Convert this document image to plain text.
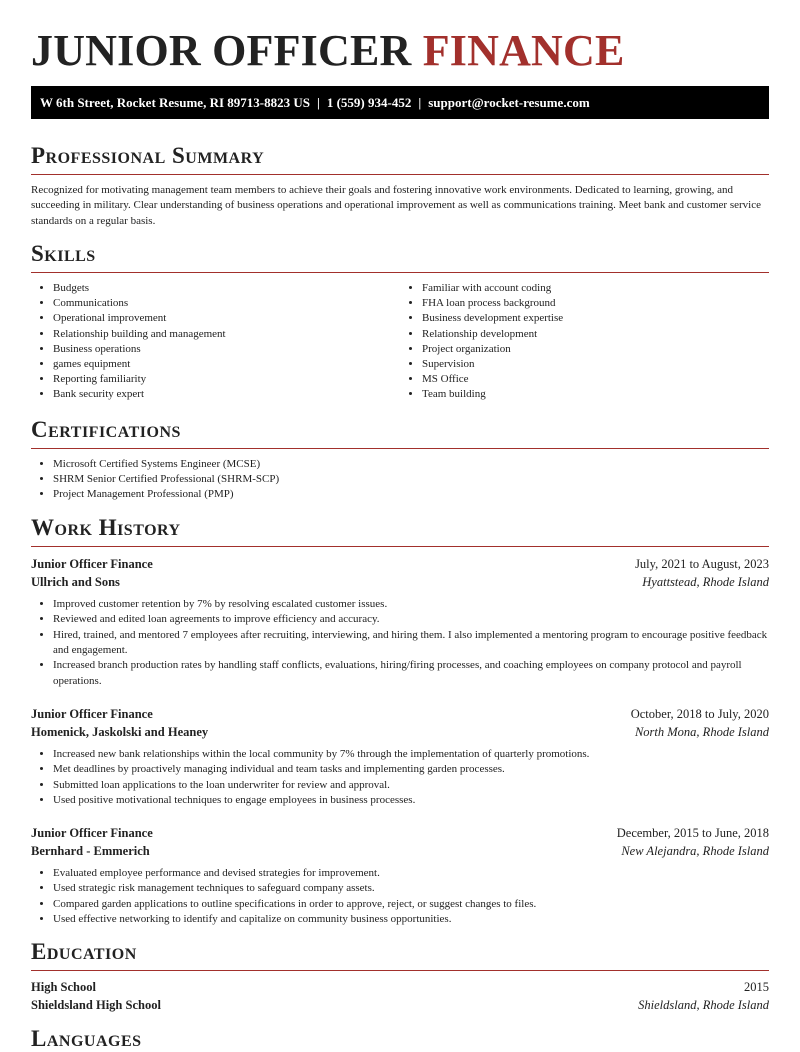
JUNIOR OFFICER FINANCE
W 6th Street, Rocket Resume, RI 89713-8823 US | 1 (559) 934-452 | support@rocket-resume.com
Professional Summary

Recognized for motivating management team members to achieve their goals and fostering innovative work environments. Dedicated to learning, growing, and succeeding in military. Clear understanding of business operations and operational improvement as well as communications training. Meet bank and customer service standards on a regular basis.

Skills
• Budgets
• Communications
• Operational improvement
• Relationship building and management
• Business operations
• games equipment
• Reporting familiarity
• Bank security expert
• Familiar with account coding
• FHA loan process background
• Business development expertise
• Relationship development
• Project organization
• Supervision
• MS Office
• Team building
Certifications
• Microsoft Certified Systems Engineer (MCSE)
• SHRM Senior Certified Professional (SHRM-SCP)
• Project Management Professional (PMP)
Work History
Junior Officer Finance	July, 2021 to August, 2023
Ullrich and Sons	Hyattstead, Rhode Island
• Improved customer retention by 7% by resolving escalated customer issues.
• Reviewed and edited loan agreements to improve efficiency and accuracy.
• Hired, trained, and mentored 7 employees after recruiting, interviewing, and hiring them. I also implemented a mentoring program to encourage positive feedback and engagement.
• Increased branch production rates by handling staff conflicts, evaluations, hiring/firing processes, and coaching employees on company protocol and payroll operations.
Junior Officer Finance	October, 2018 to July, 2020
Homenick, Jaskolski and Heaney	North Mona, Rhode Island
• Increased new bank relationships within the local community by 7% through the implementation of quarterly promotions.
• Met deadlines by proactively managing individual and team tasks and implementing garden processes.
• Submitted loan applications to the loan underwriter for review and approval.
• Used positive motivational techniques to engage employees in business processes.
Junior Officer Finance	December, 2015 to June, 2018
Bernhard - Emmerich	New Alejandra, Rhode Island
• Evaluated employee performance and devised strategies for improvement.
• Used strategic risk management techniques to safeguard company assets.
• Compared garden applications to outline specifications in order to approve, reject, or suggest changes to files.
• Used effective networking to identify and capitalize on community business opportunities.
Education
High School	2015
Shieldsland High School	Shieldsland, Rhode Island
Languages
